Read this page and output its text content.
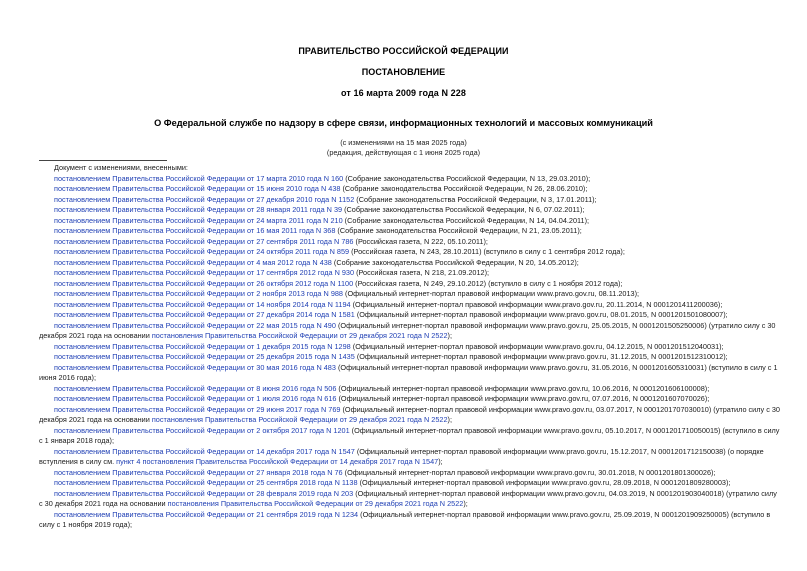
ПРАВИТЕЛЬСТВО РОССИЙСКОЙ ФЕДЕРАЦИИ
ПОСТАНОВЛЕНИЕ
от 16 марта 2009 года N 228
О Федеральной службе по надзору в сфере связи, информационных технологий и массовых коммуникаций
(с изменениями на 15 мая 2025 года)
(редакция, действующая с 1 июня 2025 года)
Документ с изменениями, внесенными:
постановлением Правительства Российской Федерации от 17 марта 2010 года N 160 (Собрание законодательства Российской Федерации, N 13, 29.03.2010);
постановлением Правительства Российской Федерации от 15 июня 2010 года N 438 (Собрание законодательства Российской Федерации, N 26, 28.06.2010);
постановлением Правительства Российской Федерации от 27 декабря 2010 года N 1152 (Собрание законодательства Российской Федерации, N 3, 17.01.2011);
постановлением Правительства Российской Федерации от 28 января 2011 года N 39 (Собрание законодательства Российской Федерации, N 6, 07.02.2011);
постановлением Правительства Российской Федерации от 24 марта 2011 года N 210 (Собрание законодательства Российской Федерации, N 14, 04.04.2011);
постановлением Правительства Российской Федерации от 16 мая 2011 года N 368 (Собрание законодательства Российской Федерации, N 21, 23.05.2011);
постановлением Правительства Российской Федерации от 27 сентября 2011 года N 786 (Российская газета, N 222, 05.10.2011);
постановлением Правительства Российской Федерации от 24 октября 2011 года N 859 (Российская газета, N 243, 28.10.2011) (вступило в силу с 1 сентября 2012 года);
постановлением Правительства Российской Федерации от 4 мая 2012 года N 438 (Собрание законодательства Российской Федерации, N 20, 14.05.2012);
постановлением Правительства Российской Федерации от 17 сентября 2012 года N 930 (Российская газета, N 218, 21.09.2012);
постановлением Правительства Российской Федерации от 26 октября 2012 года N 1100 (Российская газета, N 249, 29.10.2012) (вступило в силу с 1 ноября 2012 года);
постановлением Правительства Российской Федерации от 2 ноября 2013 года N 988 (Официальный интернет-портал правовой информации www.pravo.gov.ru, 08.11.2013);
постановлением Правительства Российской Федерации от 14 ноября 2014 года N 1194 (Официальный интернет-портал правовой информации www.pravo.gov.ru, 20.11.2014, N 0001201411200036);
постановлением Правительства Российской Федерации от 27 декабря 2014 года N 1581 (Официальный интернет-портал правовой информации www.pravo.gov.ru, 08.01.2015, N 0001201501080007);
постановлением Правительства Российской Федерации от 22 мая 2015 года N 490 (Официальный интернет-портал правовой информации www.pravo.gov.ru, 25.05.2015, N 0001201505250006) (утратило силу с 30
декабря 2021 года на основании постановления Правительства Российской Федерации от 29 декабря 2021 года N 2522);
постановлением Правительства Российской Федерации от 1 декабря 2015 года N 1298 (Официальный интернет-портал правовой информации www.pravo.gov.ru, 04.12.2015, N 0001201512040031);
постановлением Правительства Российской Федерации от 25 декабря 2015 года N 1435 (Официальный интернет-портал правовой информации www.pravo.gov.ru, 31.12.2015, N 0001201512310012);
постановлением Правительства Российской Федерации от 30 мая 2016 года N 483 (Официальный интернет-портал правовой информации www.pravo.gov.ru, 31.05.2016, N 0001201605310031) (вступило в силу с 1
июня 2016 года);
постановлением Правительства Российской Федерации от 8 июня 2016 года N 506 (Официальный интернет-портал правовой информации www.pravo.gov.ru, 10.06.2016, N 0001201606100008);
постановлением Правительства Российской Федерации от 1 июля 2016 года N 616 (Официальный интернет-портал правовой информации www.pravo.gov.ru, 07.07.2016, N 0001201607070026);
постановлением Правительства Российской Федерации от 29 июня 2017 года N 769 (Официальный интернет-портал правовой информации www.pravo.gov.ru, 03.07.2017, N 0001201707030010) (утратило силу с 30
декабря 2021 года на основании постановления Правительства Российской Федерации от 29 декабря 2021 года N 2522);
постановлением Правительства Российской Федерации от 2 октября 2017 года N 1201 (Официальный интернет-портал правовой информации www.pravo.gov.ru, 05.10.2017, N 0001201710050015) (вступило в силу
с 1 января 2018 года);
постановлением Правительства Российской Федерации от 14 декабря 2017 года N 1547 (Официальный интернет-портал правовой информации www.pravo.gov.ru, 15.12.2017, N 0001201712150038) (о порядке
вступления в силу см. пункт 4 постановления Правительства Российской Федерации от 14 декабря 2017 года N 1547);
постановлением Правительства Российской Федерации от 27 января 2018 года N 76 (Официальный интернет-портал правовой информации www.pravo.gov.ru, 30.01.2018, N 0001201801300026);
постановлением Правительства Российской Федерации от 25 сентября 2018 года N 1138 (Официальный интернет-портал правовой информации www.pravo.gov.ru, 28.09.2018, N 0001201809280003);
постановлением Правительства Российской Федерации от 28 февраля 2019 года N 203 (Официальный интернет-портал правовой информации www.pravo.gov.ru, 04.03.2019, N 0001201903040018) (утратило силу
с 30 декабря 2021 года на основании постановления Правительства Российской Федерации от 29 декабря 2021 года N 2522);
постановлением Правительства Российской Федерации от 21 сентября 2019 года N 1234 (Официальный интернет-портал правовой информации www.pravo.gov.ru, 25.09.2019, N 0001201909250005) (вступило в
силу с 1 ноября 2019 года);
